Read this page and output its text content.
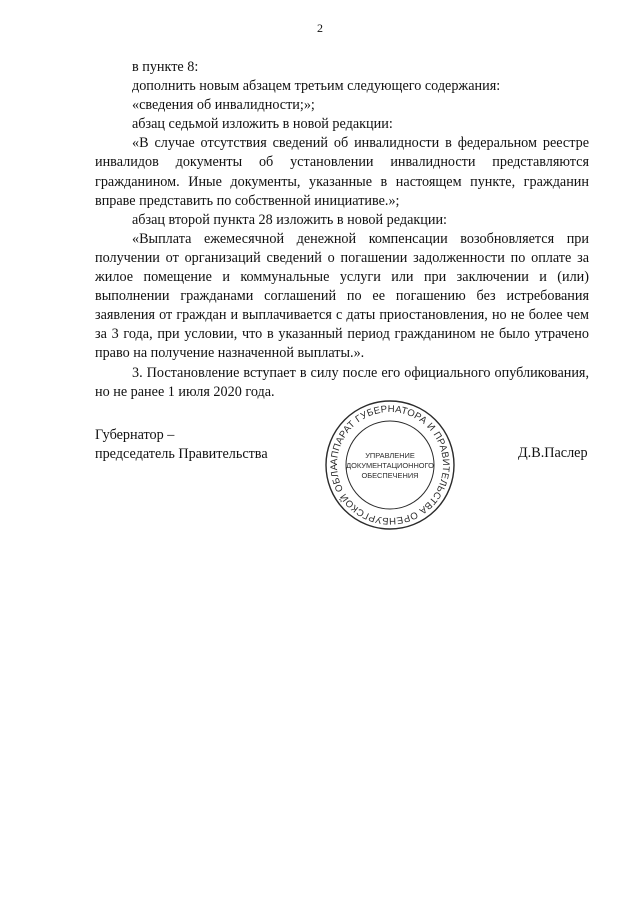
2

в пункте 8:

дополнить новым абзацем третьим следующего содержания:

«сведения об инвалидности;»;

абзац седьмой изложить в новой редакции:

«В случае отсутствия сведений об инвалидности в федеральном реестре инвалидов документы об установлении инвалидности представляются гражданином. Иные документы, указанные в настоящем пункте, гражданин вправе представить по собственной инициативе.»;

абзац второй пункта 28 изложить в новой редакции:

«Выплата ежемесячной денежной компенсации возобновляется при получении от организаций сведений о погашении задолженности по оплате за жилое помещение и коммунальные услуги или при заключении и (или) выполнении гражданами соглашений по ее погашению без истребования заявления от граждан и выплачивается с даты приостановления, но не более чем за 3 года, при условии, что в указанный период гражданином не было утрачено право на получение назначенной выплаты.».

3. Постановление вступает в силу после его официального опубликования, но не ранее 1 июля 2020 года.

Губернатор –
председатель Правительства	АППАРАТ ГУБЕРНАТОРА И ПРАВИТЕЛЬСТВА ОРЕНБУРГСКОЙ ОБЛА
УПРАВЛЕНИЕ
ДОКУМЕНТАЦИОННОГО
ОБЕСПЕЧЕНИЯ
Д.В.Паслер
